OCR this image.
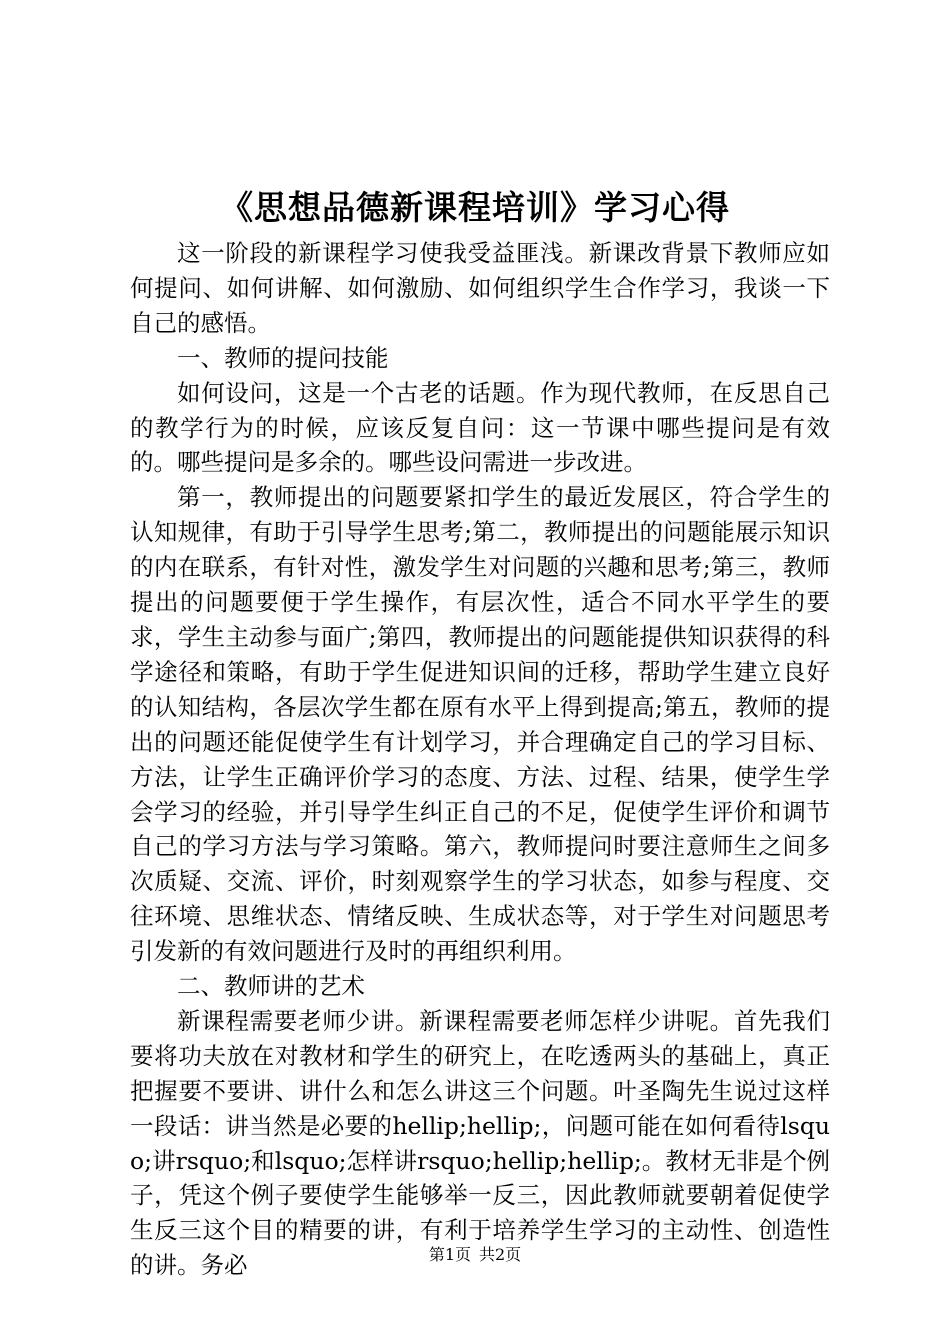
《思想品德新课程培训》学习心得

这一阶段的新课程学习使我受益匪浅。新课改背景下教师应如何提问、如何讲解、如何激励、如何组织学生合作学习，我谈一下自己的感悟。

一、教师的提问技能

如何设问，这是一个古老的话题。作为现代教师，在反思自己的教学行为的时候，应该反复自问：这一节课中哪些提问是有效的。哪些提问是多余的。哪些设问需进一步改进。

第一，教师提出的问题要紧扣学生的最近发展区，符合学生的认知规律，有助于引导学生思考;第二，教师提出的问题能展示知识的内在联系，有针对性，激发学生对问题的兴趣和思考;第三，教师提出的问题要便于学生操作，有层次性，适合不同水平学生的要求，学生主动参与面广;第四，教师提出的问题能提供知识获得的科学途径和策略，有助于学生促进知识间的迁移，帮助学生建立良好的认知结构，各层次学生都在原有水平上得到提高;第五，教师的提出的问题还能促使学生有计划学习，并合理确定自己的学习目标、方法，让学生正确评价学习的态度、方法、过程、结果，使学生学会学习的经验，并引导学生纠正自己的不足，促使学生评价和调节自己的学习方法与学习策略。第六，教师提问时要注意师生之间多次质疑、交流、评价，时刻观察学生的学习状态，如参与程度、交往环境、思维状态、情绪反映、生成状态等，对于学生对问题思考引发新的有效问题进行及时的再组织利用。

二、教师讲的艺术

新课程需要老师少讲。新课程需要老师怎样少讲呢。首先我们要将功夫放在对教材和学生的研究上，在吃透两头的基础上，真正把握要不要讲、讲什么和怎么讲这三个问题。叶圣陶先生说过这样一段话：讲当然是必要的hellip;hellip;，问题可能在如何看待lsquo;讲rsquo;和lsquo;怎样讲rsquo;hellip;hellip;。教材无非是个例子，凭这个例子要使学生能够举一反三，因此教师就要朝着促使学生反三这个目的精要的讲，有利于培养学生学习的主动性、创造性的讲。务必	第1页 共2页
